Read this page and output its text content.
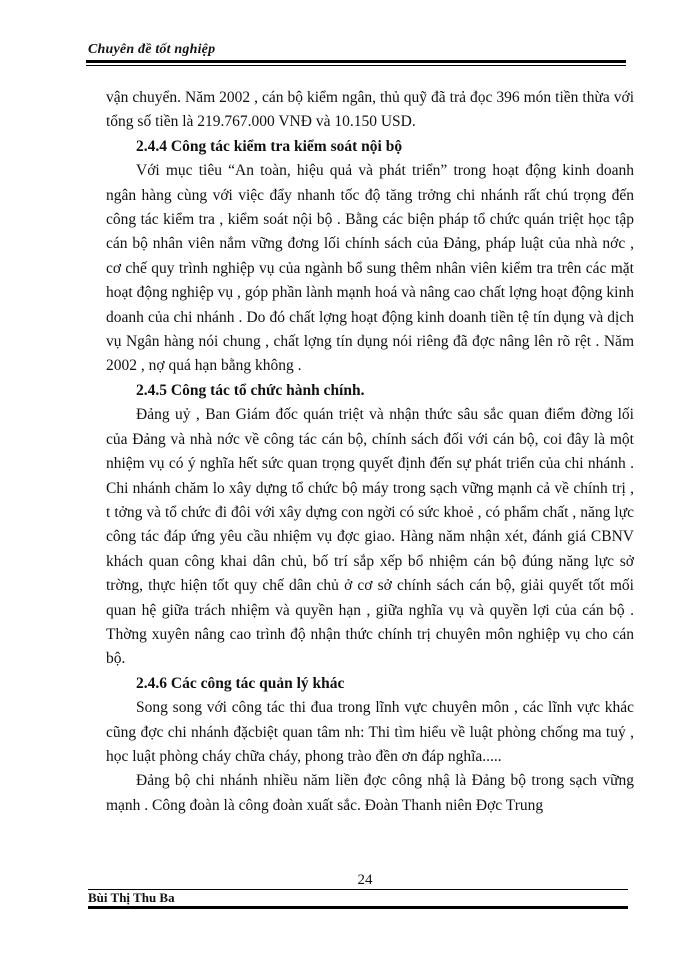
Chuyên đề tốt nghiệp

vận chuyển. Năm 2002 , cán bộ kiểm ngân, thủ quỹ đã trả đọc 396 món tiền thừa với tổng số tiền là 219.767.000 VNĐ và 10.150 USD.

2.4.4 Công tác kiểm tra kiểm soát nội bộ

Với mục tiêu “An toàn, hiệu quả và phát triển” trong hoạt động kinh doanh ngân hàng cùng với việc đẩy nhanh tốc độ tăng trởng chi nhánh rất chú trọng đến công tác kiểm tra , kiểm soát nội bộ . Bằng các biện pháp tổ chức quán triệt học tập cán bộ nhân viên nắm vững đơng lối chính sách của Đảng, pháp luật của nhà nớc , cơ chế quy trình nghiệp vụ của ngành bổ sung thêm nhân viên kiểm tra trên các mặt hoạt động nghiệp vụ , góp phần lành mạnh hoá và nâng cao chất lợng hoạt động kinh doanh của chi nhánh . Do đó chất lợng hoạt động kinh doanh tiền tệ tín dụng và dịch vụ Ngân hàng nói chung , chất lợng tín dụng nói riêng đã đợc nâng lên rõ rệt . Năm 2002 , nợ quá hạn bằng không .

2.4.5 Công tác tổ chức hành chính.

Đảng uỷ , Ban Giám đốc quán triệt và nhận thức sâu sắc quan điểm đờng lối của Đảng và nhà nớc về công tác cán bộ, chính sách đối với cán bộ, coi đây là một nhiệm vụ có ý nghĩa hết sức quan trọng quyết định đến sự phát triển của chi nhánh . Chi nhánh chăm lo xây dựng tổ chức bộ máy trong sạch vững mạnh cả về chính trị , t tởng và tổ chức đi đôi với xây dựng con ngời có sức khoẻ , có phẩm chất , năng lực công tác đáp ứng yêu cầu nhiệm vụ đợc giao. Hàng năm nhận xét, đánh giá CBNV khách quan công khai dân chủ, bố trí sắp xếp bổ nhiệm cán bộ đúng năng lực sở trờng, thực hiện tốt quy chế dân chủ ở cơ sở chính sách cán bộ, giải quyết tốt mối quan hệ giữa trách nhiệm và quyền hạn , giữa nghĩa vụ và quyền lợi của cán bộ . Thờng xuyên nâng cao trình độ nhận thức chính trị chuyên môn nghiệp vụ cho cán bộ.

2.4.6 Các công tác quản lý khác

Song song với công tác thi đua trong lĩnh vực chuyên môn , các lĩnh vực khác cũng đợc chi nhánh đặcbiệt quan tâm nh: Thi tìm hiểu về luật phòng chống ma tuý , học luật phòng cháy chữa cháy, phong trào đền ơn đáp nghĩa.....

Đảng bộ chi nhánh nhiều năm liền đợc công nhậ là Đảng bộ trong sạch vững mạnh . Công đoàn là công đoàn xuất sắc. Đoàn Thanh niên Đợc Trung

24
Bùi Thị Thu Ba
